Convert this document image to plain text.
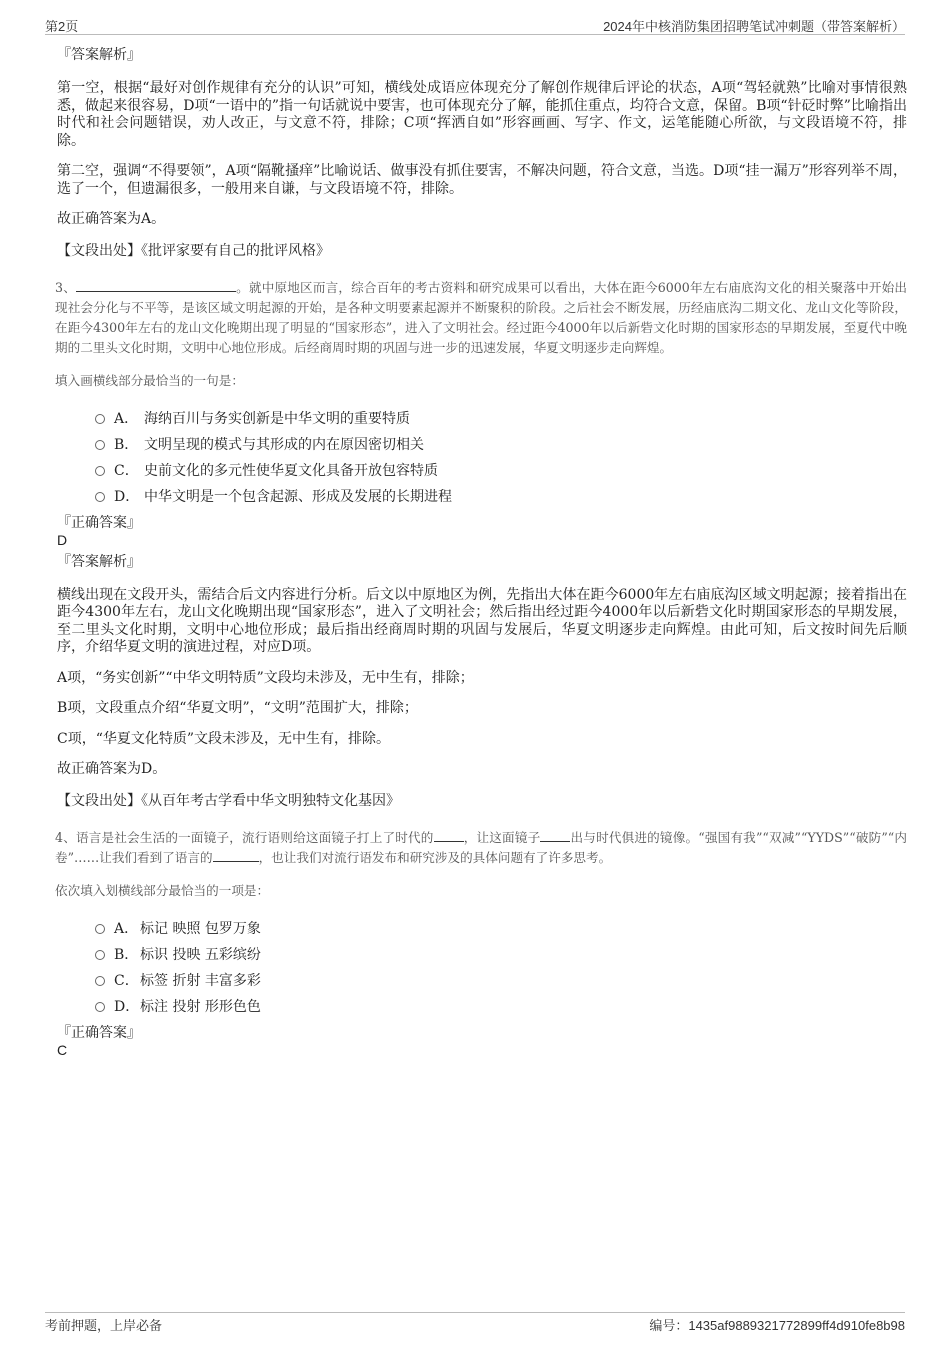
第2页	2024年中核消防集团招聘笔试冲刺题（带答案解析）

『答案解析』

第一空，根据“最好对创作规律有充分的认识”可知，横线处成语应体现充分了解创作规律后评论的状态，A项“驾轻就熟”比喻对事情很熟悉，做起来很容易，D项“一语中的”指一句话就说中要害，也可体现充分了解，能抓住重点，均符合文意，保留。B项“针砭时弊”比喻指出时代和社会问题错误，劝人改正，与文意不符，排除；C项“挥洒自如”形容画画、写字、作文，运笔能随心所欲，与文段语境不符，排除。

第二空，强调“不得要领”，A项“隔靴搔痒”比喻说话、做事没有抓住要害，不解决问题，符合文意，当选。D项“挂一漏万”形容列举不周，选了一个，但遗漏很多，一般用来自谦，与文段语境不符，排除。

故正确答案为A。

【文段出处】《批评家要有自己的批评风格》

3、	。就中原地区而言，综合百年的考古资料和研究成果可以看出，大体在距今6000年左右庙底沟文化的相关聚落中开始出现社会分化与不平等，是该区域文明起源的开始，是各种文明要素起源并不断聚积的阶段。之后社会不断发展，历经庙底沟二期文化、龙山文化等阶段，在距今4300年左右的龙山文化晚期出现了明显的“国家形态”，进入了文明社会。经过距今4000年以后新砦文化时期的国家形态的早期发展，至夏代中晚期的二里头文化时期，文明中心地位形成。后经商周时期的巩固与进一步的迅速发展，华夏文明逐步走向辉煌。

填入画横线部分最恰当的一句是：

A． 海纳百川与务实创新是中华文明的重要特质
B． 文明呈现的模式与其形成的内在原因密切相关
C． 史前文化的多元性使华夏文化具备开放包容特质
D． 中华文明是一个包含起源、形成及发展的长期进程

『正确答案』

D

『答案解析』

横线出现在文段开头，需结合后文内容进行分析。后文以中原地区为例，先指出大体在距今6000年左右庙底沟区域文明起源；接着指出在距今4300年左右，龙山文化晚期出现“国家形态”，进入了文明社会；然后指出经过距今4000年以后新砦文化时期国家形态的早期发展，至二里头文化时期，文明中心地位形成；最后指出经商周时期的巩固与发展后，华夏文明逐步走向辉煌。由此可知，后文按时间先后顺序，介绍华夏文明的演进过程，对应D项。

A项，“务实创新”“中华文明特质”文段均未涉及，无中生有，排除；

B项，文段重点介绍“华夏文明”，“文明”范围扩大，排除；

C项，“华夏文化特质”文段未涉及，无中生有，排除。

故正确答案为D。

【文段出处】《从百年考古学看中华文明独特文化基因》

4、语言是社会生活的一面镜子，流行语则给这面镜子打上了时代的 ，让这面镜子 出与时代俱进的镜像。“强国有我”“双减”“YYDS”“破防”“内卷”……让我们看到了语言的	，也让我们对流行语发布和研究涉及的具体问题有了许多思考。

依次填入划横线部分最恰当的一项是：

A． 标记 映照 包罗万象
B． 标识 投映 五彩缤纷
C．标签 折射 丰富多彩
D．标注 投射 形形色色

『正确答案』

C

考前押题，上岸必备	编号：1435af9889321772899ff4d910fe8b98
